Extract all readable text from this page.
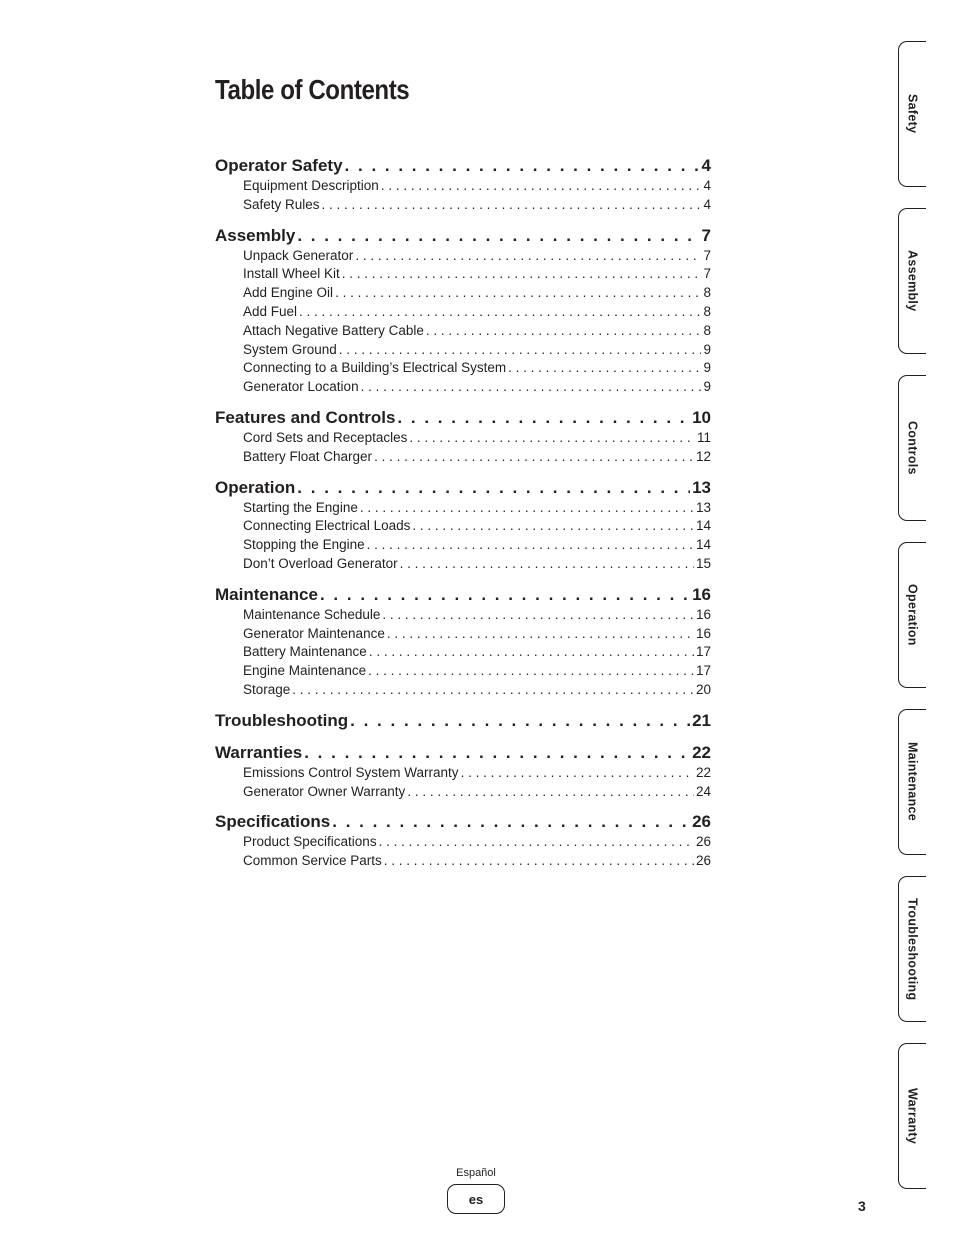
Table of Contents
Operator Safety . . .	4
Equipment Description . . .	4
Safety Rules . . .	4
Assembly . . .	7
Unpack Generator . . .	7
Install Wheel Kit . . .	7
Add Engine Oil . . .	8
Add Fuel . . .	8
Attach Negative Battery Cable . . .	8
System Ground . . .	9
Connecting to a Building’s Electrical System . . .	9
Generator Location . . .	9
Features and Controls . . .	10
Cord Sets and Receptacles . . .	11
Battery Float Charger . . .	12
Operation . . .	13
Starting the Engine . . .	13
Connecting Electrical Loads . . .	14
Stopping the Engine . . .	14
Don’t Overload Generator . . .	15
Maintenance . . .	16
Maintenance Schedule . . .	16
Generator Maintenance . . .	16
Battery Maintenance . . .	17
Engine Maintenance . . .	17
Storage . . .	20
Troubleshooting . . .	21
Warranties . . .	22
Emissions Control System Warranty . . .	22
Generator Owner Warranty . . .	24
Specifications . . .	26
Product Specifications . . .	26
Common Service Parts . . .	26
Safety
Assembly
Controls
Operation
Maintenance
Troubleshooting
Warranty
Español
es	3
